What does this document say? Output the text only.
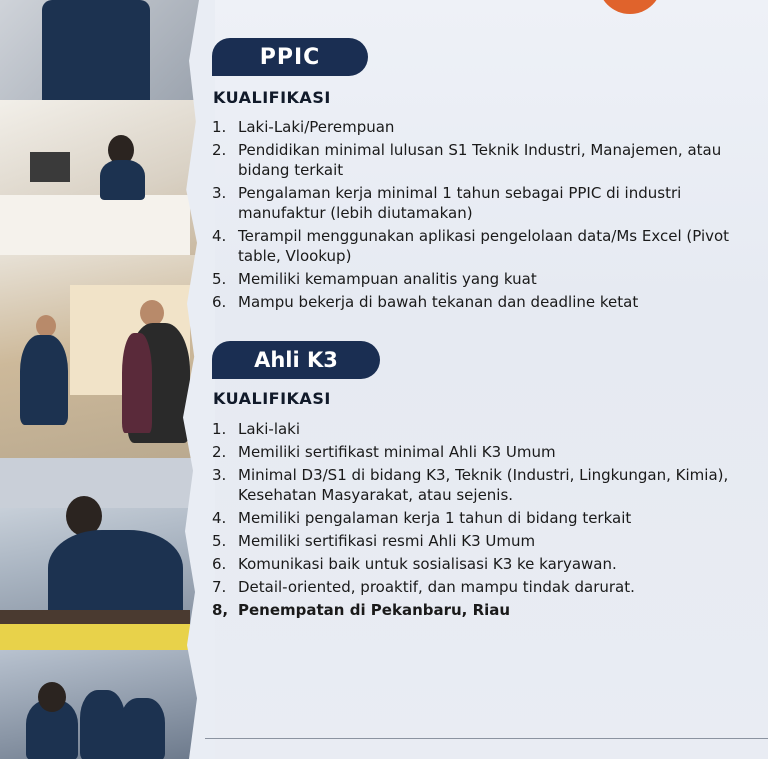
PPIC
KUALIFIKASI
1. Laki-Laki/Perempuan
2. Pendidikan minimal lulusan S1 Teknik Industri, Manajemen, atau bidang terkait
3. Pengalaman kerja minimal 1 tahun sebagai PPIC di industri manufaktur (lebih diutamakan)
4. Terampil menggunakan aplikasi pengelolaan data/Ms Excel (Pivot table, Vlookup)
5. Memiliki kemampuan analitis yang kuat
6. Mampu bekerja di bawah tekanan dan deadline ketat
Ahli K3
KUALIFIKASI
1. Laki-laki
2. Memiliki sertifikast minimal Ahli K3 Umum
3. Minimal D3/S1 di bidang K3, Teknik (Industri, Lingkungan, Kimia), Kesehatan Masyarakat, atau sejenis.
4. Memiliki pengalaman kerja 1 tahun di bidang terkait
5. Memiliki sertifikasi resmi Ahli K3 Umum
6. Komunikasi baik untuk sosialisasi K3 ke karyawan.
7. Detail-oriented, proaktif, dan mampu tindak darurat.
8, Penempatan di Pekanbaru, Riau
